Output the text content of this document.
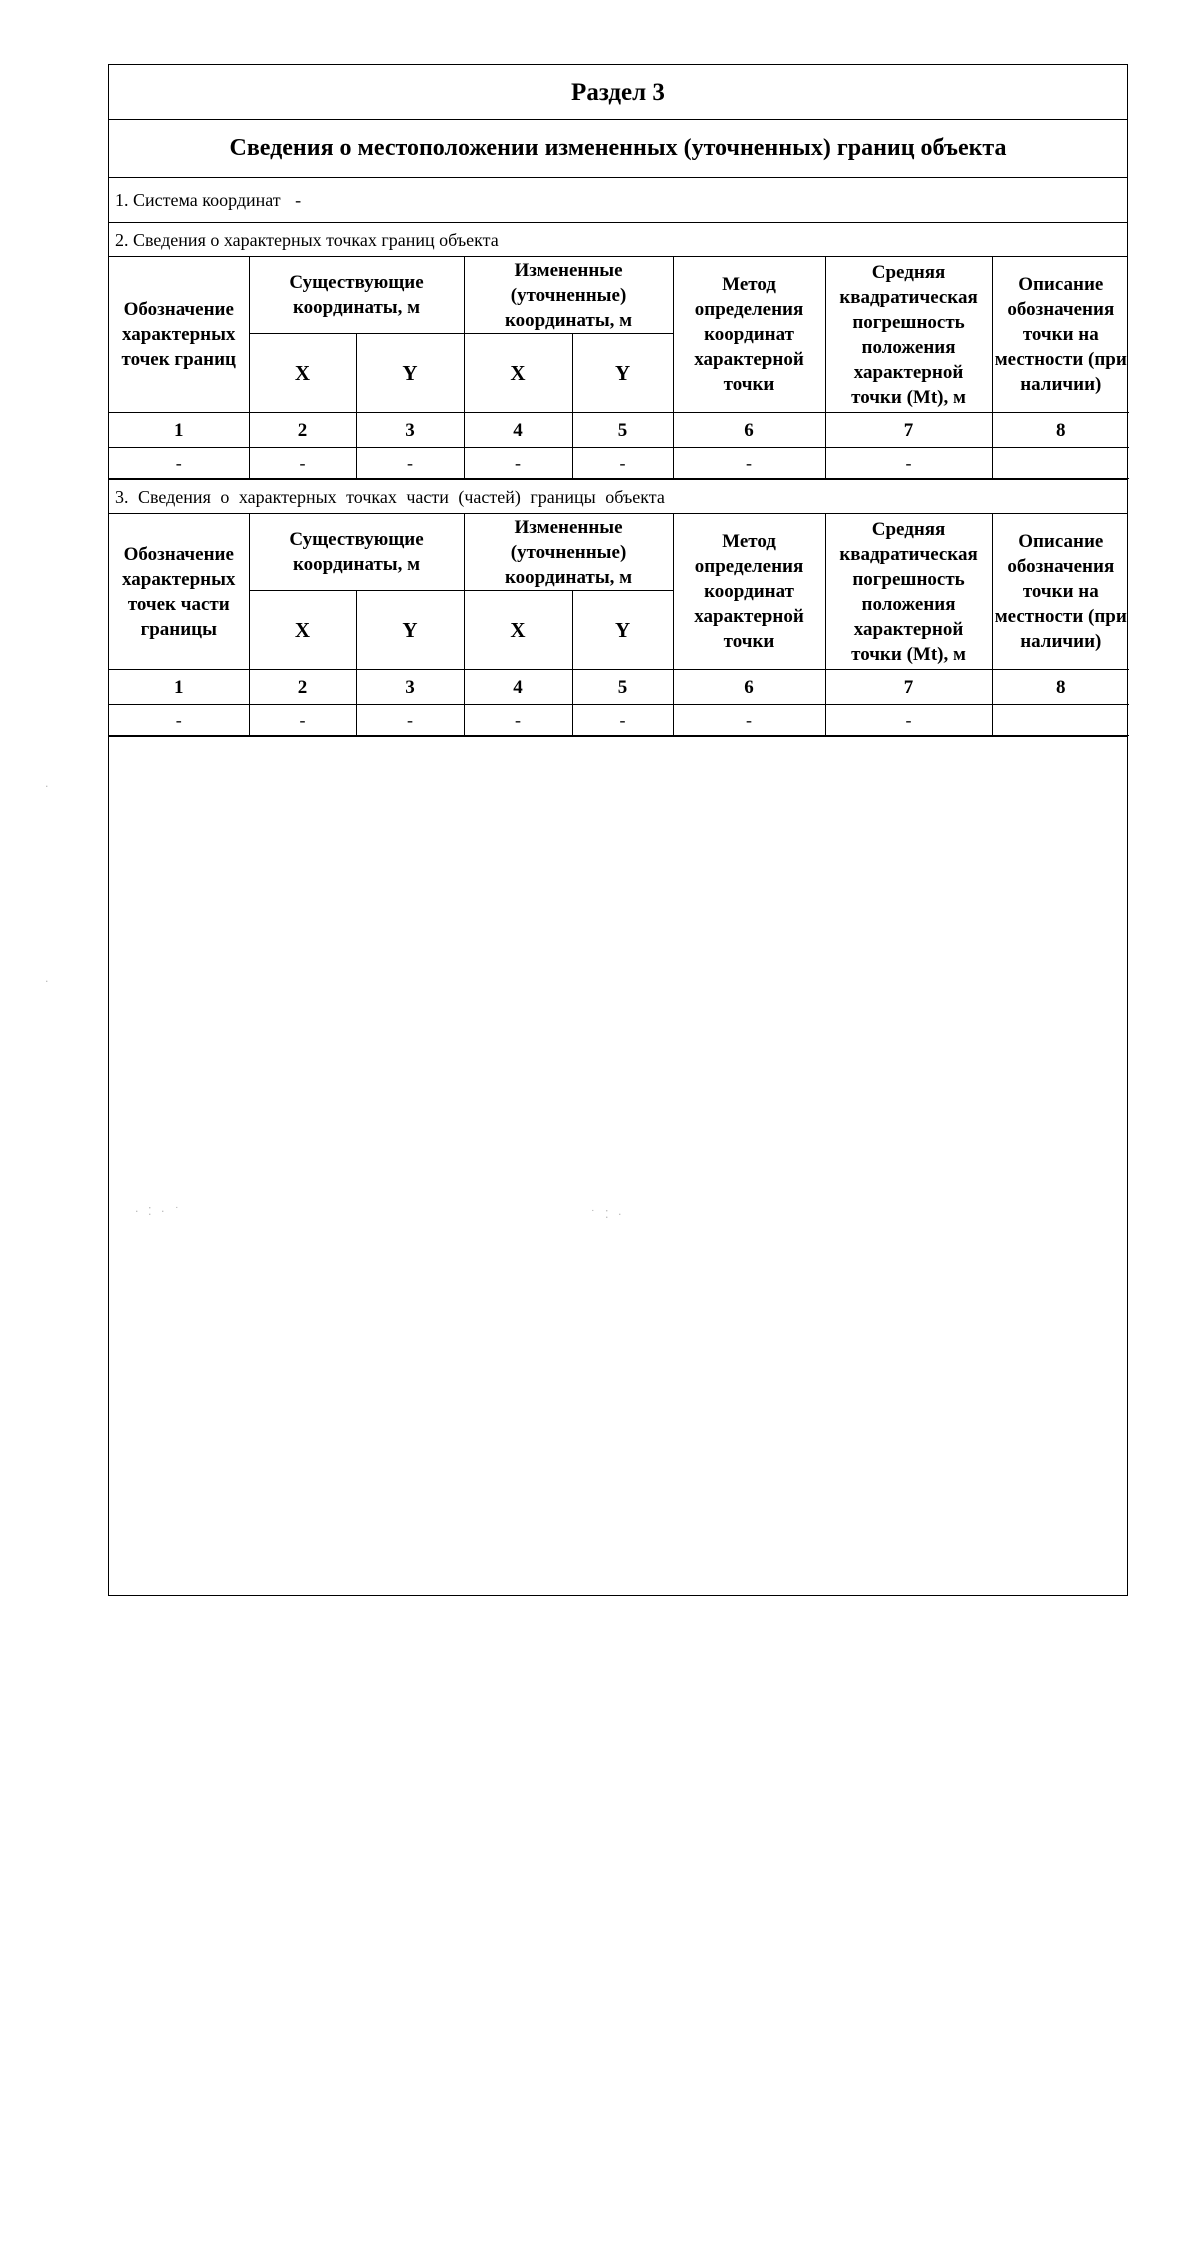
Раздел 3
Сведения о местоположении измененных (уточненных) границ объекта
1. Система координат -
2. Сведения о характерных точках границ объекта
Обозначение характерных точек границ	Существующие координаты, м		Измененные (уточненные) координаты, м		Метод определения координат характерной точки	Средняя квадратическая погрешность положения характерной точки (Mt), м	Описание обозначения точки на местности (при наличии)
	X	Y	X	Y			
1	2	3	4	5	6	7	8
-	-	-	-	-	-	-	
3. Сведения о характерных точках части (частей) границы объекта
Обозначение характерных точек части границы	Существующие координаты, м		Измененные (уточненные) координаты, м		Метод определения координат характерной точки	Средняя квадратическая погрешность положения характерной точки (Mt), м	Описание обозначения точки на местности (при наличии)
	X	Y	X	Y			
1	2	3	4	5	6	7	8
-	-	-	-	-	-	-	
· ⁚ · ˙	˙ ⁚ ·
·
·
